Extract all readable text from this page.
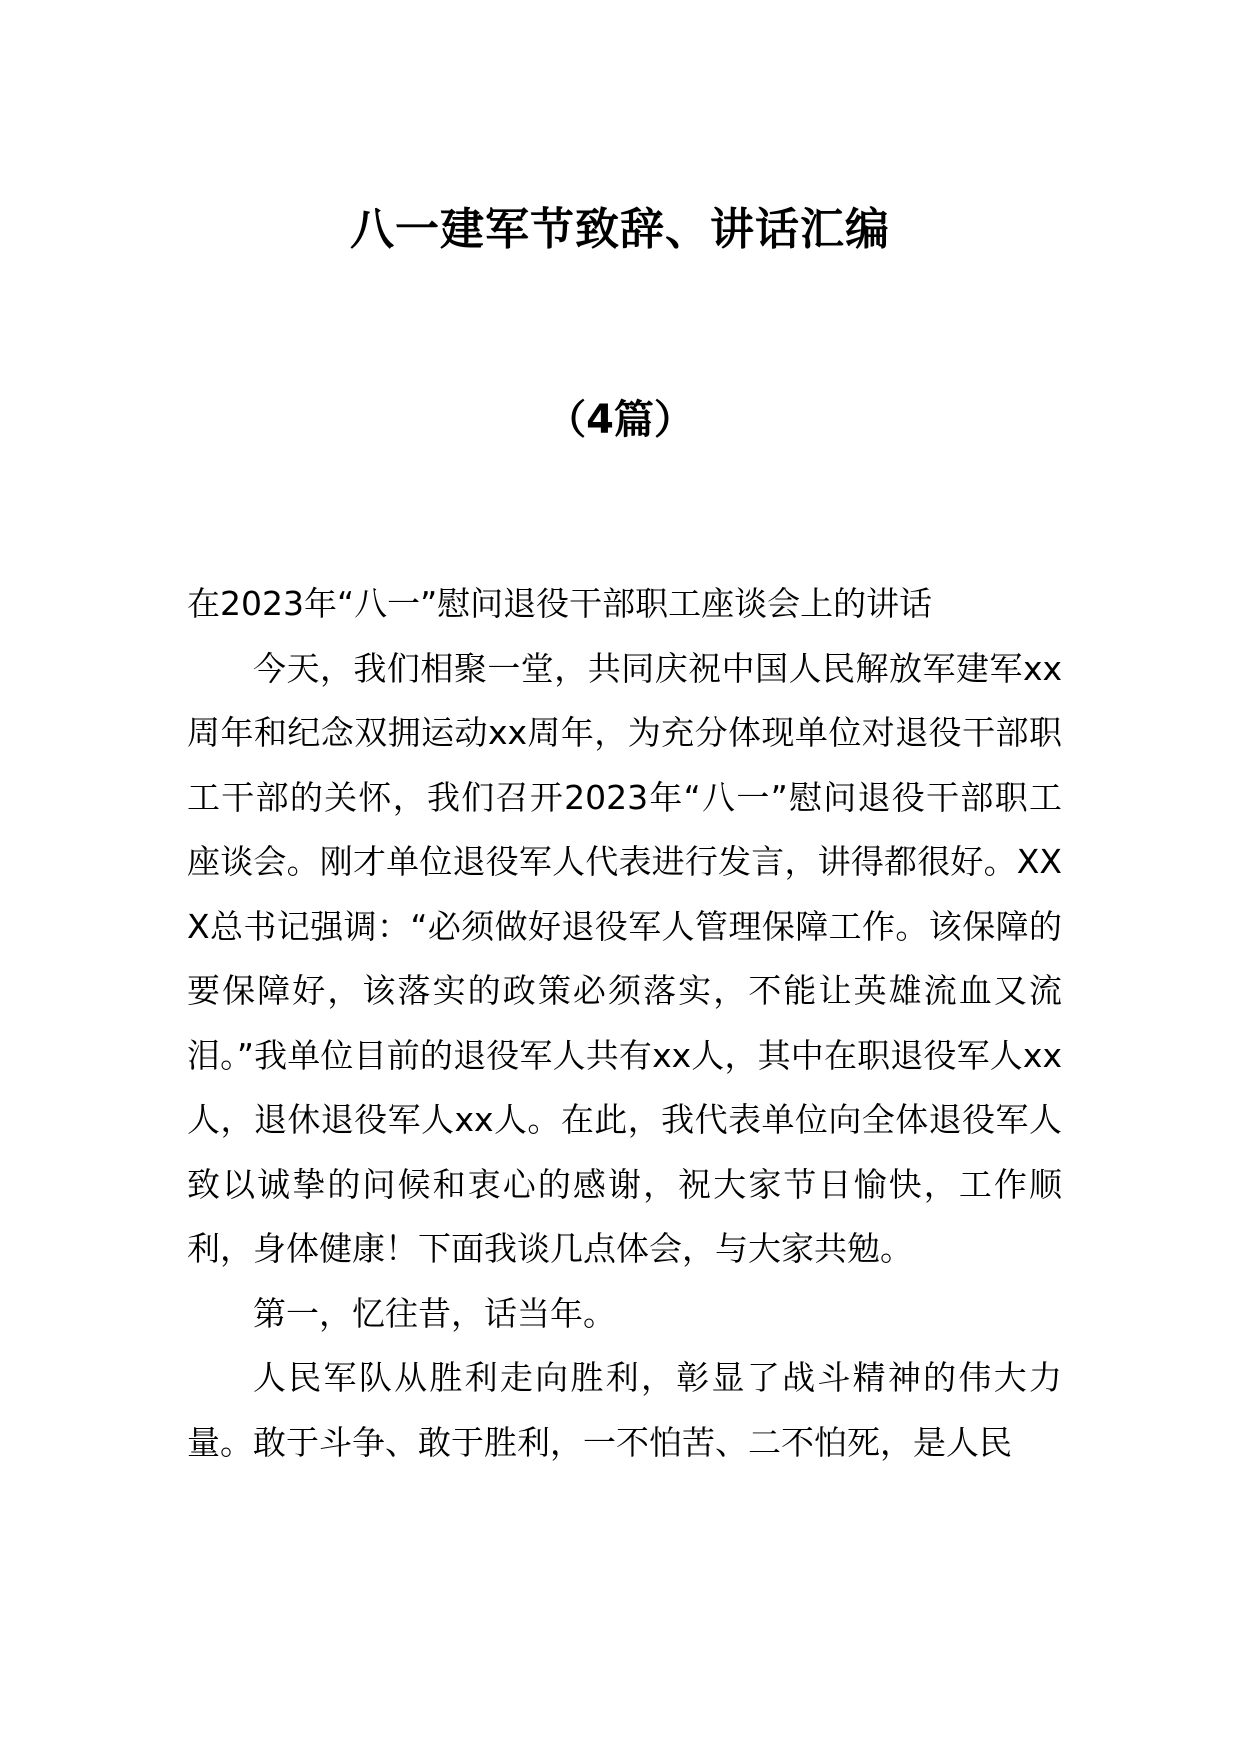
八一建军节致辞、讲话汇编
（4篇）

在2023年“八一”慰问退役干部职工座谈会上的讲话

今天，我们相聚一堂，共同庆祝中国人民解放军建军xx周年和纪念双拥运动xx周年，为充分体现单位对退役干部职工干部的关怀，我们召开2023年“八一”慰问退役干部职工座谈会。刚才单位退役军人代表进行发言，讲得都很好。XXX总书记强调：“必须做好退役军人管理保障工作。该保障的要保障好，该落实的政策必须落实，不能让英雄流血又流泪。”我单位目前的退役军人共有xx人，其中在职退役军人xx人，退休退役军人xx人。在此，我代表单位向全体退役军人致以诚挚的问候和衷心的感谢，祝大家节日愉快，工作顺利，身体健康！下面我谈几点体会，与大家共勉。

第一，忆往昔，话当年。

人民军队从胜利走向胜利，彰显了战斗精神的伟大力量。敢于斗争、敢于胜利，一不怕苦、二不怕死，是人民
